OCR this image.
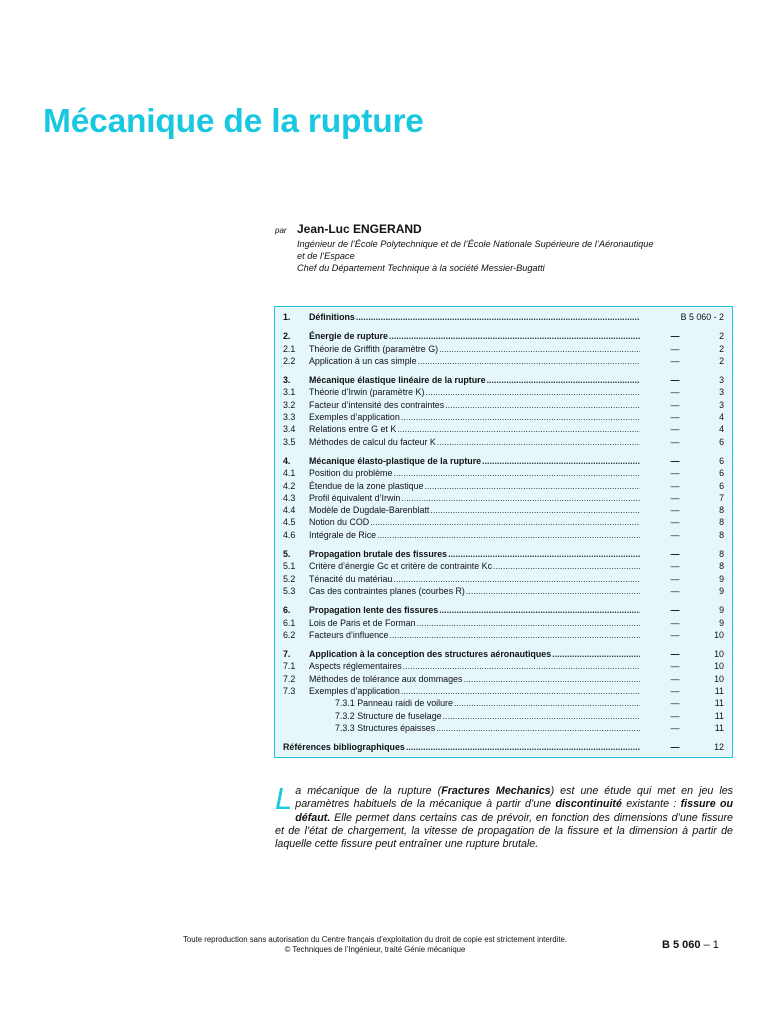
Mécanique de la rupture
par Jean-Luc ENGERAND
Ingénieur de l’École Polytechnique et de l’École Nationale Supérieure de l’Aéronautique
et de l’Espace
Chef du Département Technique à la société Messier-Bugatti
1.	Définitions .....	B 5 060 - 2
2.	Énergie de rupture .....	—	2
2.1	Théorie de Griffith (paramètre G) .....	—	2
2.2	Application à un cas simple .....	—	2
3.	Mécanique élastique linéaire de la rupture .....	—	3
3.1	Théorie d’Irwin (paramètre K) .....	—	3
3.2	Facteur d’intensité des contraintes .....	—	3
3.3	Exemples d’application .....	—	4
3.4	Relations entre G et K .....	—	4
3.5	Méthodes de calcul du facteur K .....	—	6
4.	Mécanique élasto-plastique de la rupture .....	—	6
4.1	Position du problème .....	—	6
4.2	Étendue de la zone plastique .....	—	6
4.3	Profil équivalent d’Irwin .....	—	7
4.4	Modèle de Dugdale-Barenblatt .....	—	8
4.5	Notion du COD .....	—	8
4.6	Intégrale de Rice .....	—	8
5.	Propagation brutale des fissures .....	—	8
5.1	Critère d’énergie Gc et critère de contrainte Kc .....	—	8
5.2	Ténacité du matériau .....	—	9
5.3	Cas des contraintes planes (courbes R) .....	—	9
6.	Propagation lente des fissures .....	—	9
6.1	Lois de Paris et de Forman .....	—	9
6.2	Facteurs d’influence .....	—	10
7.	Application à la conception des structures aéronautiques .....	—	10
7.1	Aspects réglementaires .....	—	10
7.2	Méthodes de tolérance aux dommages .....	—	10
7.3	Exemples d’application .....	—	11
7.3.1 Panneau raidi de voilure .....	—	11
7.3.2 Structure de fuselage .....	—	11
7.3.3 Structures épaisses .....	—	11
Références bibliographiques .....	—	12
La mécanique de la rupture (Fractures Mechanics) est une étude qui met en jeu les paramètres habituels de la mécanique à partir d’une discontinuité existante : fissure ou défaut. Elle permet dans certains cas de prévoir, en fonction des dimensions d’une fissure et de l’état de chargement, la vitesse de propagation de la fissure et la dimension à partir de laquelle cette fissure peut entraîner une rupture brutale.
Toute reproduction sans autorisation du Centre français d’exploitation du droit de copie est strictement interdite.
© Techniques de l’Ingénieur, traité Génie mécanique	B 5 060 – 1
